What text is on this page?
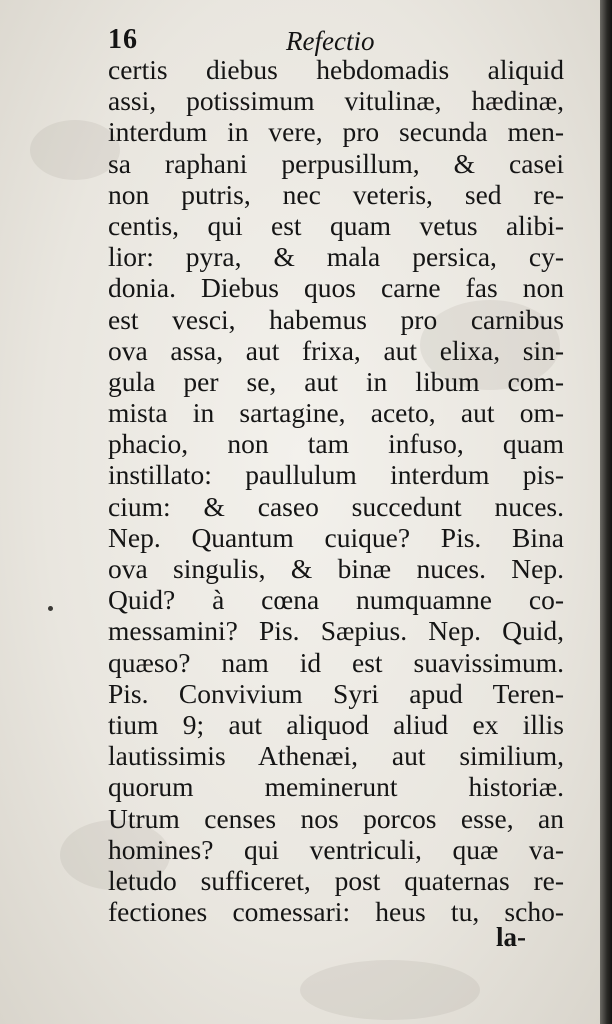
16	Refectio
certis diebus hebdomadis aliquid
assi, potissimum vitulinæ, hædinæ,
interdum in vere, pro secunda men-
sa raphani perpusillum, & casei
non putris, nec veteris, sed re-
centis, qui est quam vetus alibi-
lior: pyra, & mala persica, cy-
donia. Diebus quos carne fas non
est vesci, habemus pro carnibus
ova assa, aut frixa, aut elixa, sin-
gula per se, aut in libum com-
mista in sartagine, aceto, aut om-
phacio, non tam infuso, quam
instillato: paullulum interdum pis-
cium: & caseo succedunt nuces.
Nep. Quantum cuique? Pis. Bina
ova singulis, & binæ nuces. Nep.
Quid? à cœna numquamne co-
messamini? Pis. Sæpius. Nep. Quid,
quæso? nam id est suavissimum.
Pis. Convivium Syri apud Teren-
tium 9; aut aliquod aliud ex illis
lautissimis Athenæi, aut similium,
quorum meminerunt historiæ.
Utrum censes nos porcos esse, an
homines? qui ventriculi, quæ va-
letudo sufficeret, post quaternas re-
fectiones comessari: heus tu, scho-
la-
